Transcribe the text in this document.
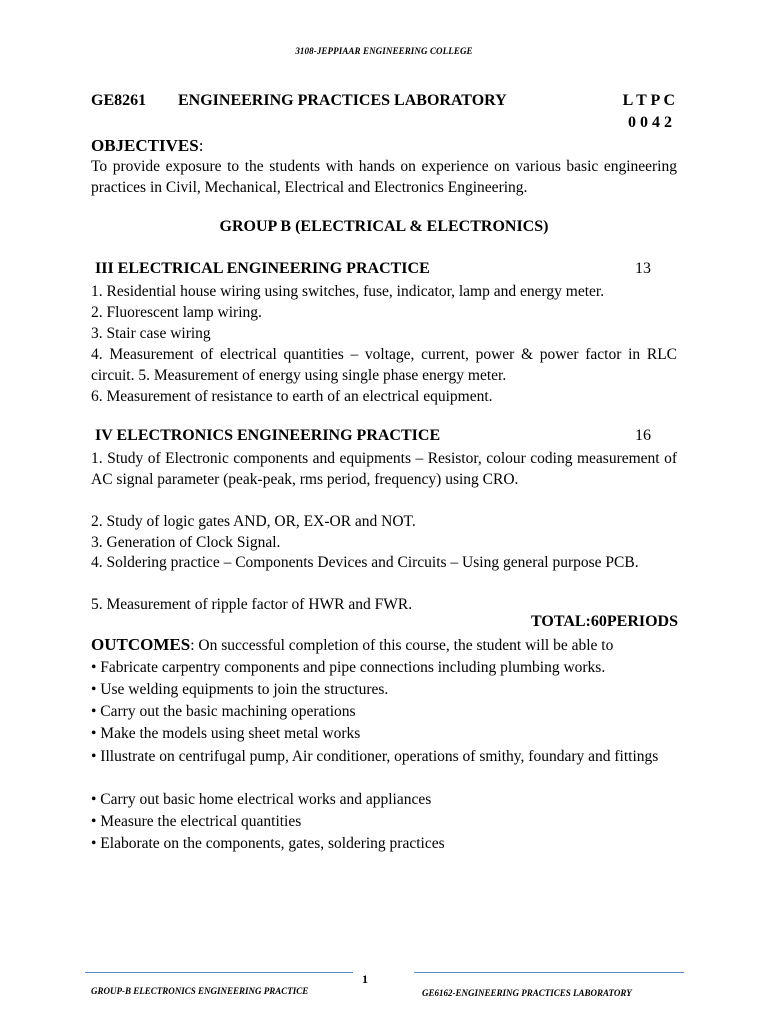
3108-JEPPIAAR ENGINEERING COLLEGE
GE8261 ENGINEERING PRACTICES LABORATORY	L T P C
0 0 4 2
OBJECTIVES:
To provide exposure to the students with hands on experience on various basic engineering practices in Civil, Mechanical, Electrical and Electronics Engineering.
GROUP B (ELECTRICAL & ELECTRONICS)
III ELECTRICAL ENGINEERING PRACTICE	13
1. Residential house wiring using switches, fuse, indicator, lamp and energy meter.
2. Fluorescent lamp wiring.
3. Stair case wiring
4. Measurement of electrical quantities – voltage, current, power & power factor in RLC circuit. 5. Measurement of energy using single phase energy meter.
6. Measurement of resistance to earth of an electrical equipment.
IV ELECTRONICS ENGINEERING PRACTICE	16
1. Study of Electronic components and equipments – Resistor, colour coding measurement of AC signal parameter (peak-peak, rms period, frequency) using CRO.
2. Study of logic gates AND, OR, EX-OR and NOT.
3. Generation of Clock Signal.
4. Soldering practice – Components Devices and Circuits – Using general purpose PCB.
5. Measurement of ripple factor of HWR and FWR.
TOTAL:60PERIODS
OUTCOMES: On successful completion of this course, the student will be able to
• Fabricate carpentry components and pipe connections including plumbing works.
• Use welding equipments to join the structures.
• Carry out the basic machining operations
• Make the models using sheet metal works
• Illustrate on centrifugal pump, Air conditioner, operations of smithy, foundary and fittings
• Carry out basic home electrical works and appliances
• Measure the electrical quantities
• Elaborate on the components, gates, soldering practices
1
GROUP-B ELECTRONICS ENGINEERING PRACTICE	GE6162-ENGINEERING PRACTICES LABORATORY
